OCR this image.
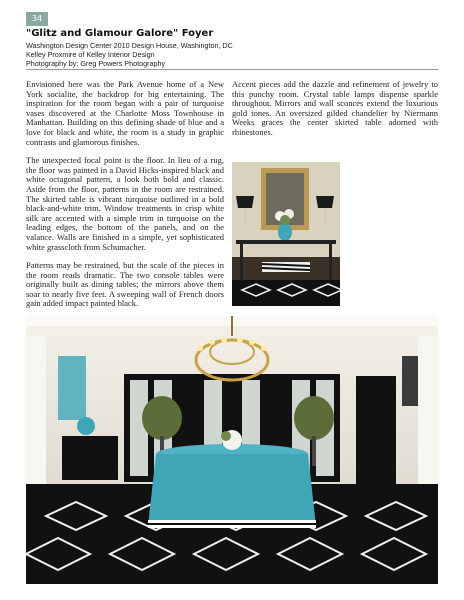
34
"Glitz and Glamour Galore" Foyer
Washington Design Center 2010 Design House, Washington, DC
Kelley Proxmire of Kelley Interior Design
Photography by: Greg Powers Photography

Envisioned here was the Park Avenue home of a New York socialite, the backdrop for big entertaining. The inspiration for the room began with a pair of turquoise vases discovered at the Charlotte Moss Townhouse in Manhattan. Building on this defining shade of blue and a love for black and white, the room is a study in graphic contrasts and glamorous finishes.

The unexpected focal point is the floor. In lieu of a rug, the floor was painted in a David Hicks-inspired black and white octagonal pattern, a look both bold and classic. Aside from the floor, patterns in the room are restrained. The skirted table is vibrant turquoise outlined in a bold black-and-white trim. Window treatments in crisp white silk are accented with a simple trim in turquoise on the leading edges, the bottom of the panels, and on the valance. Walls are finished in a simple, yet sophisticated white grasscloth from Schumacher.

Patterns may be restrained, but the scale of the pieces in the room reads dramatic. The two console tables were originally built as dining tables; the mirrors above them soar to nearly five feet. A sweeping wall of French doors gain added impact painted black.

Accent pieces add the dazzle and refinement of jewelry to this punchy room. Crystal table lamps dispense sparkle throughout. Mirrors and wall sconces extend the luxurious gold tones. An oversized gilded chandelier by Niermann Weeks graces the center skirted table adorned with rhinestones.
